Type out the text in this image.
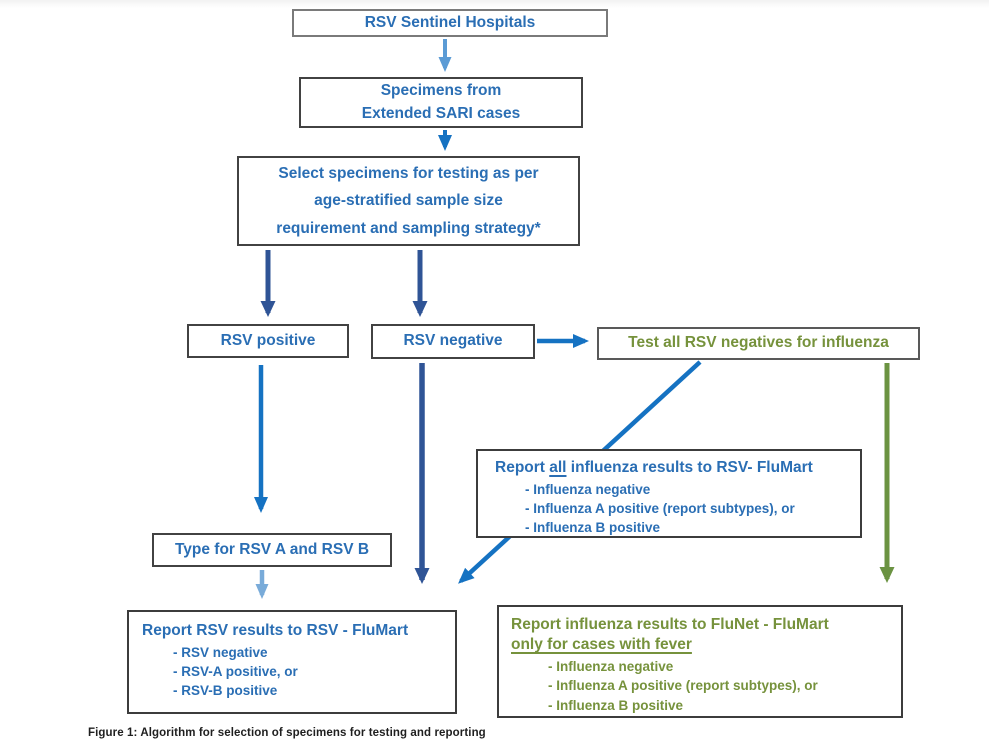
RSV Sentinel Hospitals
Specimens from
Extended SARI cases
Select specimens for testing as per
age-stratified sample size
requirement and sampling strategy*
RSV positive	RSV negative	Test all RSV negatives for influenza
Type for RSV A and RSV B
Report all influenza results to RSV- FluMart
- Influenza negative
- Influenza A positive (report subtypes), or
- Influenza B positive
Report RSV results to RSV - FluMart
- RSV negative
- RSV-A positive, or
- RSV-B positive
Report influenza results to FluNet - FluMart
only for cases with fever
- Influenza negative
- Influenza A positive (report subtypes), or
- Influenza B positive
Figure 1: Algorithm for selection of specimens for testing and reporting
